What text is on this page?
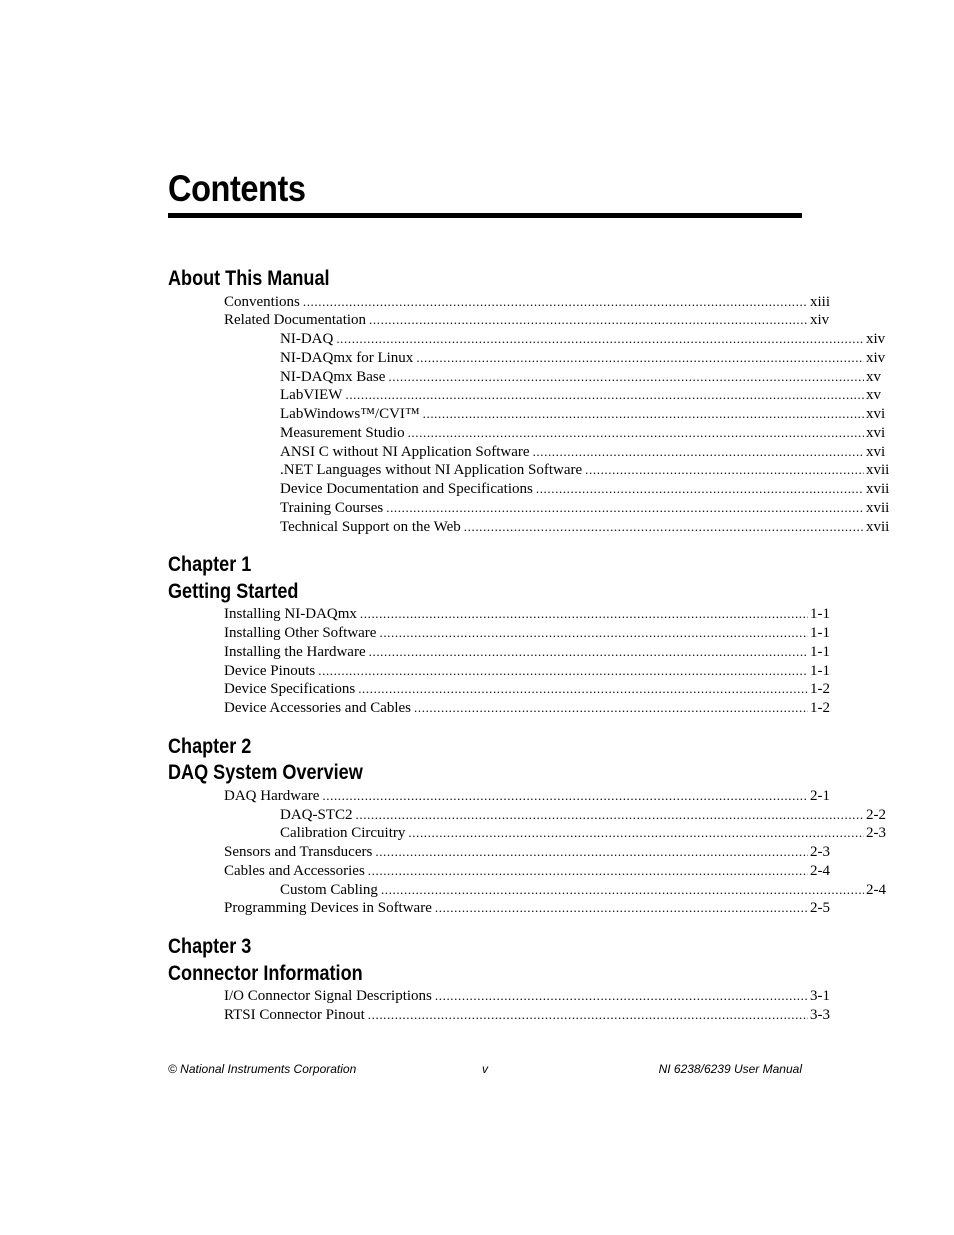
Contents
About This Manual
Conventions .....	xiii
Related Documentation .....	xiv
NI-DAQ .....	xiv
NI-DAQmx for Linux .....	xiv
NI-DAQmx Base .....	xv
LabVIEW .....	xv
LabWindows™/CVI™ .....	xvi
Measurement Studio .....	xvi
ANSI C without NI Application Software .....	xvi
.NET Languages without NI Application Software .....	xvii
Device Documentation and Specifications .....	xvii
Training Courses .....	xvii
Technical Support on the Web .....	xvii
Chapter 1
Getting Started
Installing NI-DAQmx .....	1-1
Installing Other Software .....	1-1
Installing the Hardware .....	1-1
Device Pinouts .....	1-1
Device Specifications .....	1-2
Device Accessories and Cables .....	1-2
Chapter 2
DAQ System Overview
DAQ Hardware .....	2-1
DAQ-STC2 .....	2-2
Calibration Circuitry .....	2-3
Sensors and Transducers .....	2-3
Cables and Accessories .....	2-4
Custom Cabling .....	2-4
Programming Devices in Software .....	2-5
Chapter 3
Connector Information
I/O Connector Signal Descriptions .....	3-1
RTSI Connector Pinout .....	3-3
© National Instruments Corporation	v	NI 6238/6239 User Manual
